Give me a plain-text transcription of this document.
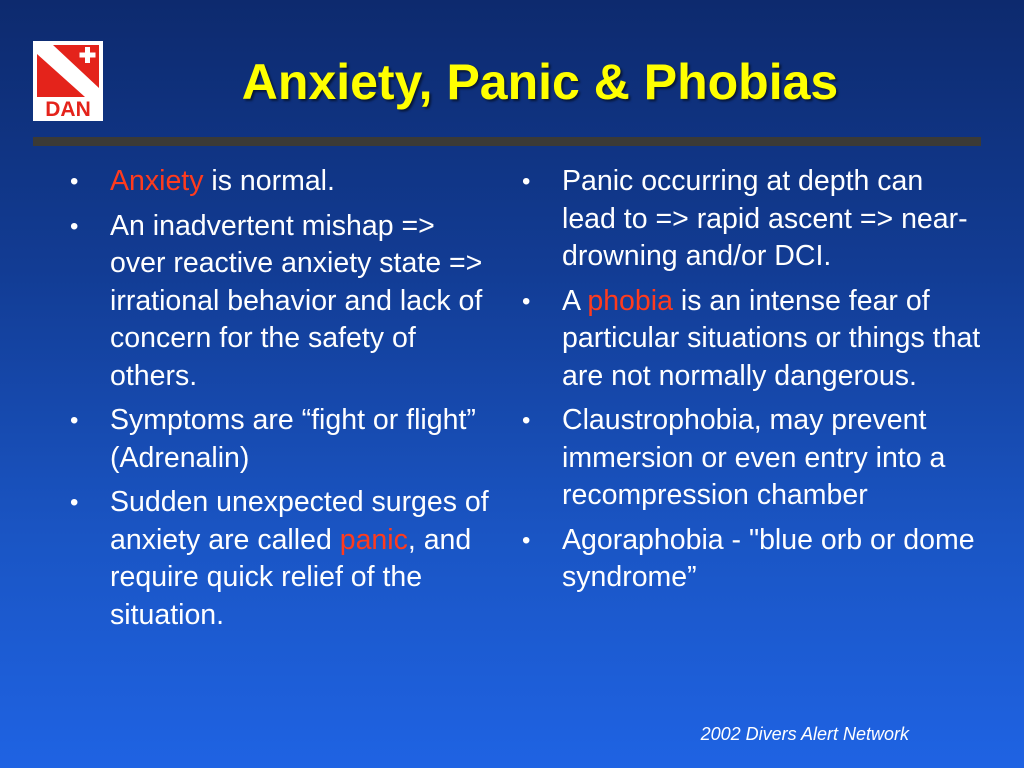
DAN	Anxiety, Panic & Phobias
• Anxiety is normal.
• An inadvertent mishap => over reactive anxiety state => irrational behavior and lack of concern for the safety of others.
• Symptoms are “fight or flight” (Adrenalin)
• Sudden unexpected surges of anxiety are called panic, and require quick relief of the situation.
• Panic occurring at depth can lead to => rapid ascent => near-drowning and/or DCI.
• A phobia is an intense fear of particular situations or things that are not normally dangerous.
• Claustrophobia, may prevent immersion or even entry into a recompression chamber
• Agoraphobia - "blue orb or dome syndrome”
2002 Divers Alert Network
